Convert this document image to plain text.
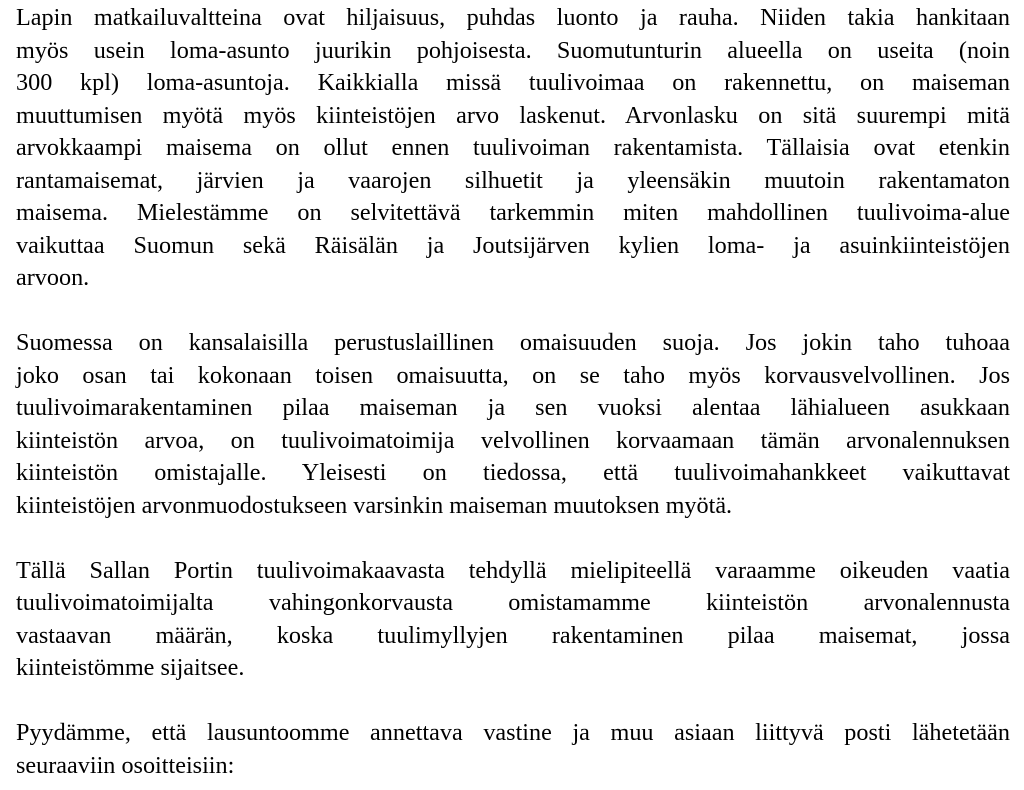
Lapin matkailuvaltteina ovat hiljaisuus, puhdas luonto ja rauha. Niiden takia hankitaan
myös usein loma-asunto juurikin pohjoisesta. Suomutunturin alueella on useita (noin
300 kpl) loma-asuntoja. Kaikkialla missä tuulivoimaa on rakennettu, on maiseman
muuttumisen myötä myös kiinteistöjen arvo laskenut. Arvonlasku on sitä suurempi mitä
arvokkaampi maisema on ollut ennen tuulivoiman rakentamista. Tällaisia ovat etenkin
rantamaisemat, järvien ja vaarojen silhuetit ja yleensäkin muutoin rakentamaton
maisema. Mielestämme on selvitettävä tarkemmin miten mahdollinen tuulivoima-alue
vaikuttaa Suomun sekä Räisälän ja Joutsijärven kylien loma- ja asuinkiinteistöjen
arvoon.

Suomessa on kansalaisilla perustuslaillinen omaisuuden suoja. Jos jokin taho tuhoaa
joko osan tai kokonaan toisen omaisuutta, on se taho myös korvausvelvollinen. Jos
tuulivoimarakentaminen pilaa maiseman ja sen vuoksi alentaa lähialueen asukkaan
kiinteistön arvoa, on tuulivoimatoimija velvollinen korvaamaan tämän arvonalennuksen
kiinteistön omistajalle. Yleisesti on tiedossa, että tuulivoimahankkeet vaikuttavat
kiinteistöjen arvonmuodostukseen varsinkin maiseman muutoksen myötä.

Tällä Sallan Portin tuulivoimakaavasta tehdyllä mielipiteellä varaamme oikeuden vaatia
tuulivoimatoimijalta vahingonkorvausta omistamamme kiinteistön arvonalennusta
vastaavan määrän, koska tuulimyllyjen rakentaminen pilaa maisemat, jossa
kiinteistömme sijaitsee.

Pyydämme, että lausuntoomme annettava vastine ja muu asiaan liittyvä posti lähetetään
seuraaviin osoitteisiin:
